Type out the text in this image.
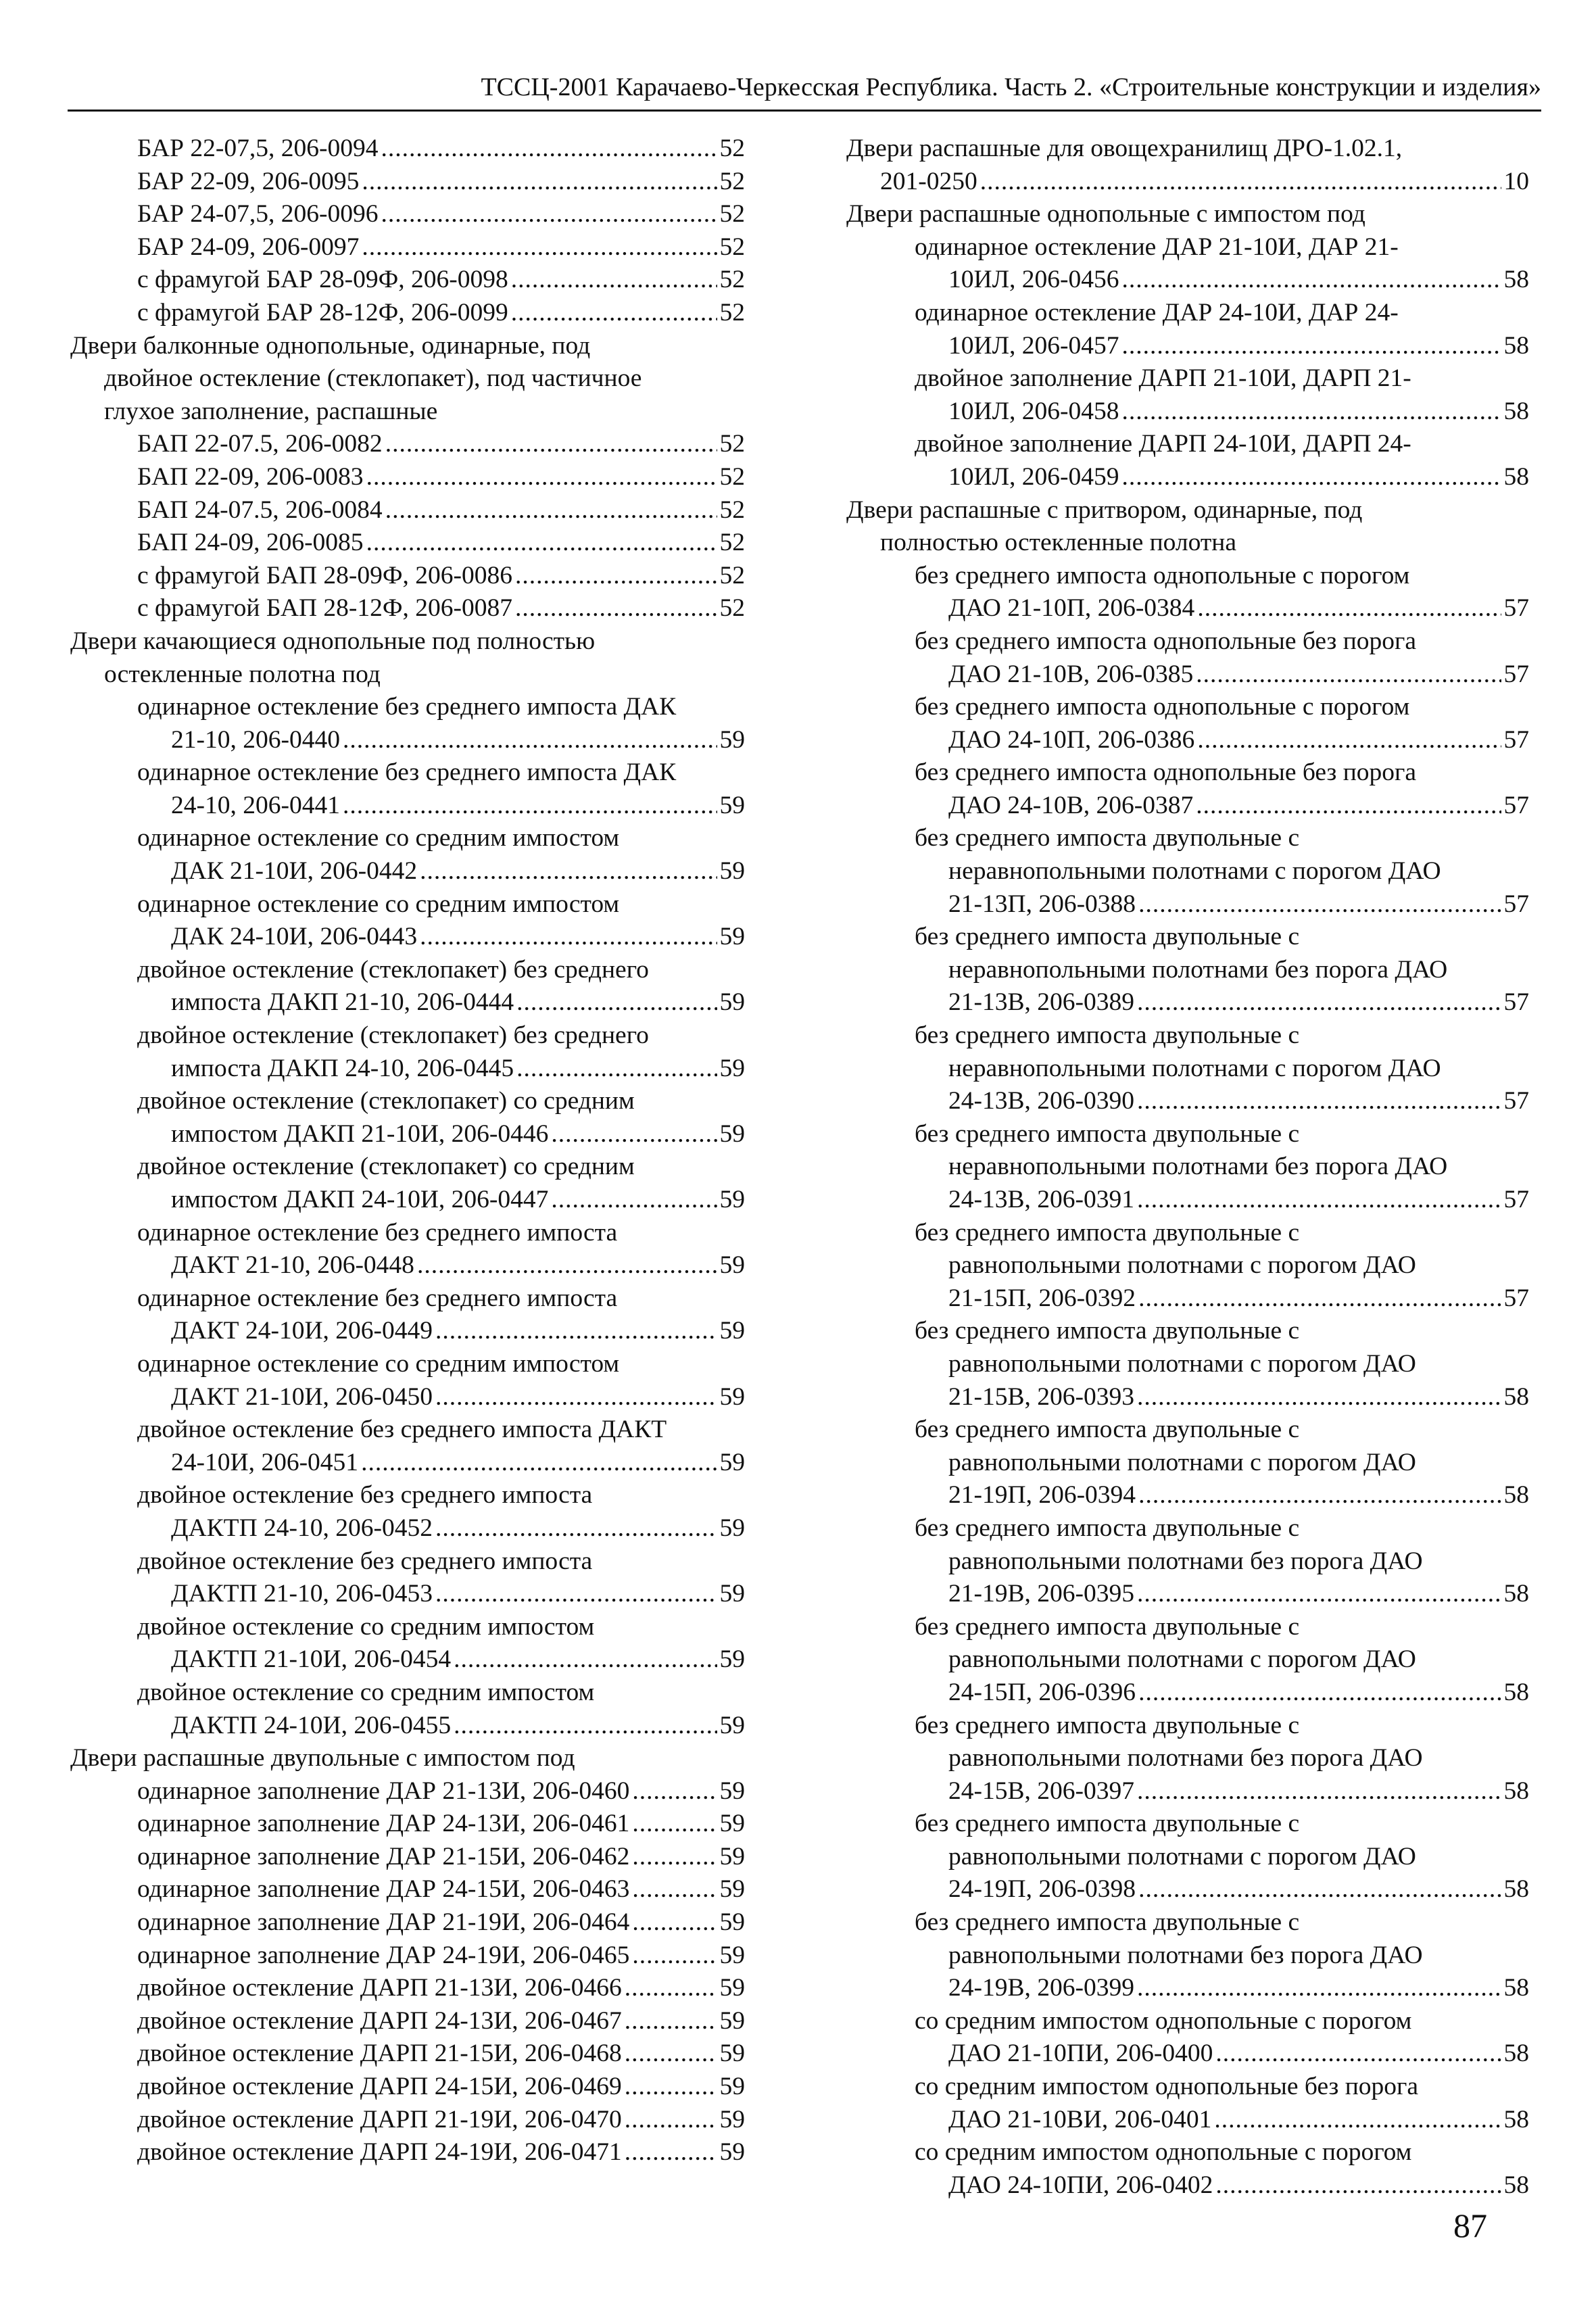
ТССЦ-2001 Карачаево-Черкесская Республика. Часть 2. «Строительные конструкции и изделия»
БАР 22-07,5, 206-0094 .....	52
БАР 22-09, 206-0095 .....	52
БАР 24-07,5, 206-0096 .....	52
БАР 24-09, 206-0097 .....	52
с фрамугой БАР 28-09Ф, 206-0098 .....	52
с фрамугой БАР 28-12Ф, 206-0099 .....	52
Двери балконные однопольные, одинарные, под
двойное остекление (стеклопакет), под частичное
глухое заполнение, распашные
БАП 22-07.5, 206-0082 .....	52
БАП 22-09, 206-0083 .....	52
БАП 24-07.5, 206-0084 .....	52
БАП 24-09, 206-0085 .....	52
с фрамугой БАП 28-09Ф, 206-0086 .....	52
с фрамугой БАП 28-12Ф, 206-0087 .....	52
Двери качающиеся однопольные под полностью
остекленные полотна под
одинарное остекление без среднего импоста ДАК
21-10, 206-0440 .....	59
одинарное остекление без среднего импоста ДАК
24-10, 206-0441 .....	59
одинарное остекление со средним импостом
ДАК 21-10И, 206-0442 .....	59
одинарное остекление со средним импостом
ДАК 24-10И, 206-0443 .....	59
двойное остекление (стеклопакет) без среднего
импоста ДАКП 21-10, 206-0444 .....	59
двойное остекление (стеклопакет) без среднего
импоста ДАКП 24-10, 206-0445 .....	59
двойное остекление (стеклопакет) со средним
импостом ДАКП 21-10И, 206-0446 .....	59
двойное остекление (стеклопакет) со средним
импостом ДАКП 24-10И, 206-0447 .....	59
одинарное остекление без среднего импоста
ДАКТ 21-10, 206-0448 .....	59
одинарное остекление без среднего импоста
ДАКТ 24-10И, 206-0449 .....	59
одинарное остекление со средним импостом
ДАКТ 21-10И, 206-0450 .....	59
двойное остекление без среднего импоста ДАКТ
24-10И, 206-0451 .....	59
двойное остекление без среднего импоста
ДАКТП 24-10, 206-0452 .....	59
двойное остекление без среднего импоста
ДАКТП 21-10, 206-0453 .....	59
двойное остекление со средним импостом
ДАКТП 21-10И, 206-0454 .....	59
двойное остекление со средним импостом
ДАКТП 24-10И, 206-0455 .....	59
Двери распашные двупольные с импостом под
одинарное заполнение ДАР 21-13И, 206-0460 .....	59
одинарное заполнение ДАР 24-13И, 206-0461 .....	59
одинарное заполнение ДАР 21-15И, 206-0462 .....	59
одинарное заполнение ДАР 24-15И, 206-0463 .....	59
одинарное заполнение ДАР 21-19И, 206-0464 .....	59
одинарное заполнение ДАР 24-19И, 206-0465 .....	59
двойное остекление ДАРП 21-13И, 206-0466 .....	59
двойное остекление ДАРП 24-13И, 206-0467 .....	59
двойное остекление ДАРП 21-15И, 206-0468 .....	59
двойное остекление ДАРП 24-15И, 206-0469 .....	59
двойное остекление ДАРП 21-19И, 206-0470 .....	59
двойное остекление ДАРП 24-19И, 206-0471 .....	59
Двери распашные для овощехранилищ ДРО-1.02.1,
201-0250 .....	10
Двери распашные однопольные с импостом под
одинарное остекление ДАР 21-10И, ДАР 21-
10ИЛ, 206-0456 .....	58
одинарное остекление ДАР 24-10И, ДАР 24-
10ИЛ, 206-0457 .....	58
двойное заполнение ДАРП 21-10И, ДАРП 21-
10ИЛ, 206-0458 .....	58
двойное заполнение ДАРП 24-10И, ДАРП 24-
10ИЛ, 206-0459 .....	58
Двери распашные с притвором, одинарные, под
полностью остекленные полотна
без среднего импоста однопольные с порогом
ДАО 21-10П, 206-0384 .....	57
без среднего импоста однопольные без порога
ДАО 21-10В, 206-0385 .....	57
без среднего импоста однопольные с порогом
ДАО 24-10П, 206-0386 .....	57
без среднего импоста однопольные без порога
ДАО 24-10В, 206-0387 .....	57
без среднего импоста двупольные с
неравнопольными полотнами с порогом ДАО
21-13П, 206-0388 .....	57
без среднего импоста двупольные с
неравнопольными полотнами без порога ДАО
21-13В, 206-0389 .....	57
без среднего импоста двупольные с
неравнопольными полотнами с порогом ДАО
24-13В, 206-0390 .....	57
без среднего импоста двупольные с
неравнопольными полотнами без порога ДАО
24-13В, 206-0391 .....	57
без среднего импоста двупольные с
равнопольными полотнами с порогом ДАО
21-15П, 206-0392 .....	57
без среднего импоста двупольные с
равнопольными полотнами с порогом ДАО
21-15В, 206-0393 .....	58
без среднего импоста двупольные с
равнопольными полотнами с порогом ДАО
21-19П, 206-0394 .....	58
без среднего импоста двупольные с
равнопольными полотнами без порога ДАО
21-19В, 206-0395 .....	58
без среднего импоста двупольные с
равнопольными полотнами с порогом ДАО
24-15П, 206-0396 .....	58
без среднего импоста двупольные с
равнопольными полотнами без порога ДАО
24-15В, 206-0397 .....	58
без среднего импоста двупольные с
равнопольными полотнами с порогом ДАО
24-19П, 206-0398 .....	58
без среднего импоста двупольные с
равнопольными полотнами без порога ДАО
24-19В, 206-0399 .....	58
со средним импостом однопольные с порогом
ДАО 21-10ПИ, 206-0400 .....	58
со средним импостом однопольные без порога
ДАО 21-10ВИ, 206-0401 .....	58
со средним импостом однопольные с порогом
ДАО 24-10ПИ, 206-0402 .....	58
87
